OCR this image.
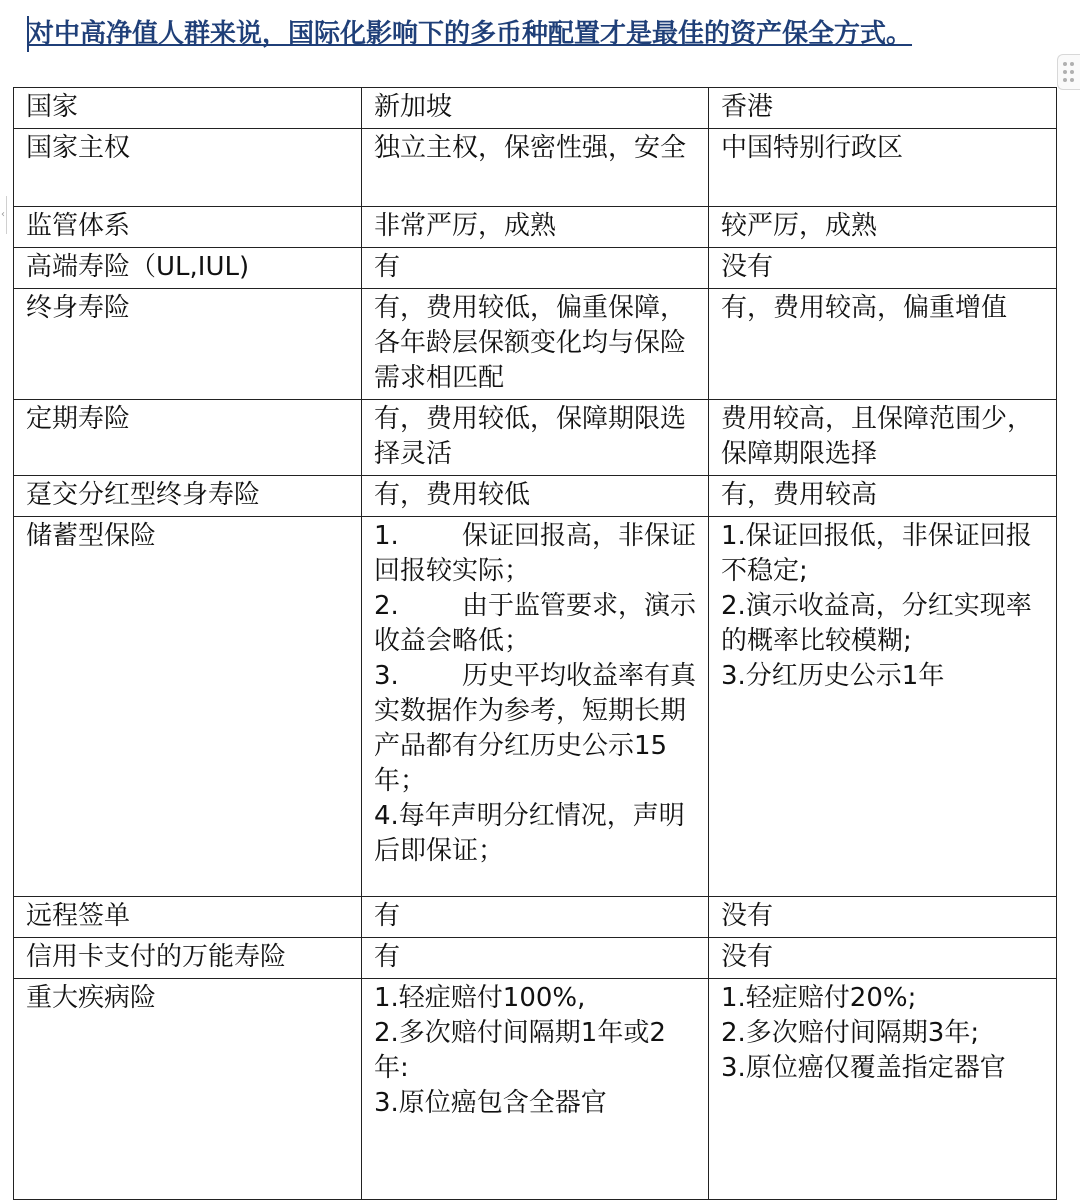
对中高净值人群来说，国际化影响下的多币种配置才是最佳的资产保全方式。
‹
国家	新加坡	香港

国家主权	独立主权，保密性强，安全	中国特别行政区

监管体系	非常严厉，成熟	较严厉，成熟

高端寿险（UL,IUL)	有	没有

终身寿险	有，费用较低，偏重保障，各年龄层保额变化均与保险需求相匹配	有，费用较高，偏重增值

定期寿险	有，费用较低，保障期限选择灵活	费用较高，且保障范围少，保障期限选择

趸交分红型终身寿险	有，费用较低	有，费用较高

储蓄型保险	1. 保证回报高，非保证回报较实际；
2. 由于监管要求，演示收益会略低；
3. 历史平均收益率有真实数据作为参考，短期长期产品都有分红历史公示15年；
4.每年声明分红情况，声明后即保证；	1.保证回报低，非保证回报不稳定;
2.演示收益高，分红实现率的概率比较模糊;
3.分红历史公示1年

远程签单	有	没有

信用卡支付的万能寿险	有	没有

重大疾病险	1.轻症赔付100%,
2.多次赔付间隔期1年或2年:
3.原位癌包含全器官	1.轻症赔付20%;
2.多次赔付间隔期3年;
3.原位癌仅覆盖指定器官
